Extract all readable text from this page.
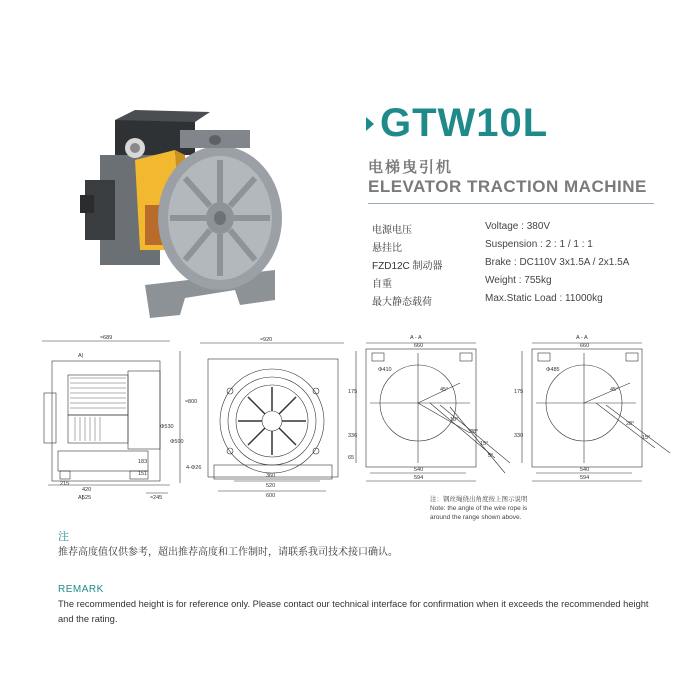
GTW10L
电梯曳引机
ELEVATOR TRACTION MACHINE
电源电压	Voltage : 380V
悬挂比	Suspension : 2 : 1 / 1 : 1
FZD12C 制动器	Brake : DC110V 3x1.5A / 2x1.5A
自重	Weight : 755kg
最大静态载荷	Max.Static Load : 11000kg
≈689
≈800
Φ530
Φ500
215
420
525	≈245
183
151
A|
A|
≈920
4-Φ26
360
520
600
A - A
660
Φ410
175
336
65
540
594
45°
18°
28°
15°
5°
A - A
660
Φ485
175
330
540
594
45°
28°
15°
注：钢丝绳绕出角度按上图示说明
Note: the angle of the wire rope is
around the range shown above.
注
推荐高度值仅供参考，超出推荐高度和工作制时，请联系我司技术接口确认。
REMARK
The recommended height is for reference only. Please contact our technical interface for confirmation when it exceeds the recommended height and the rating.
